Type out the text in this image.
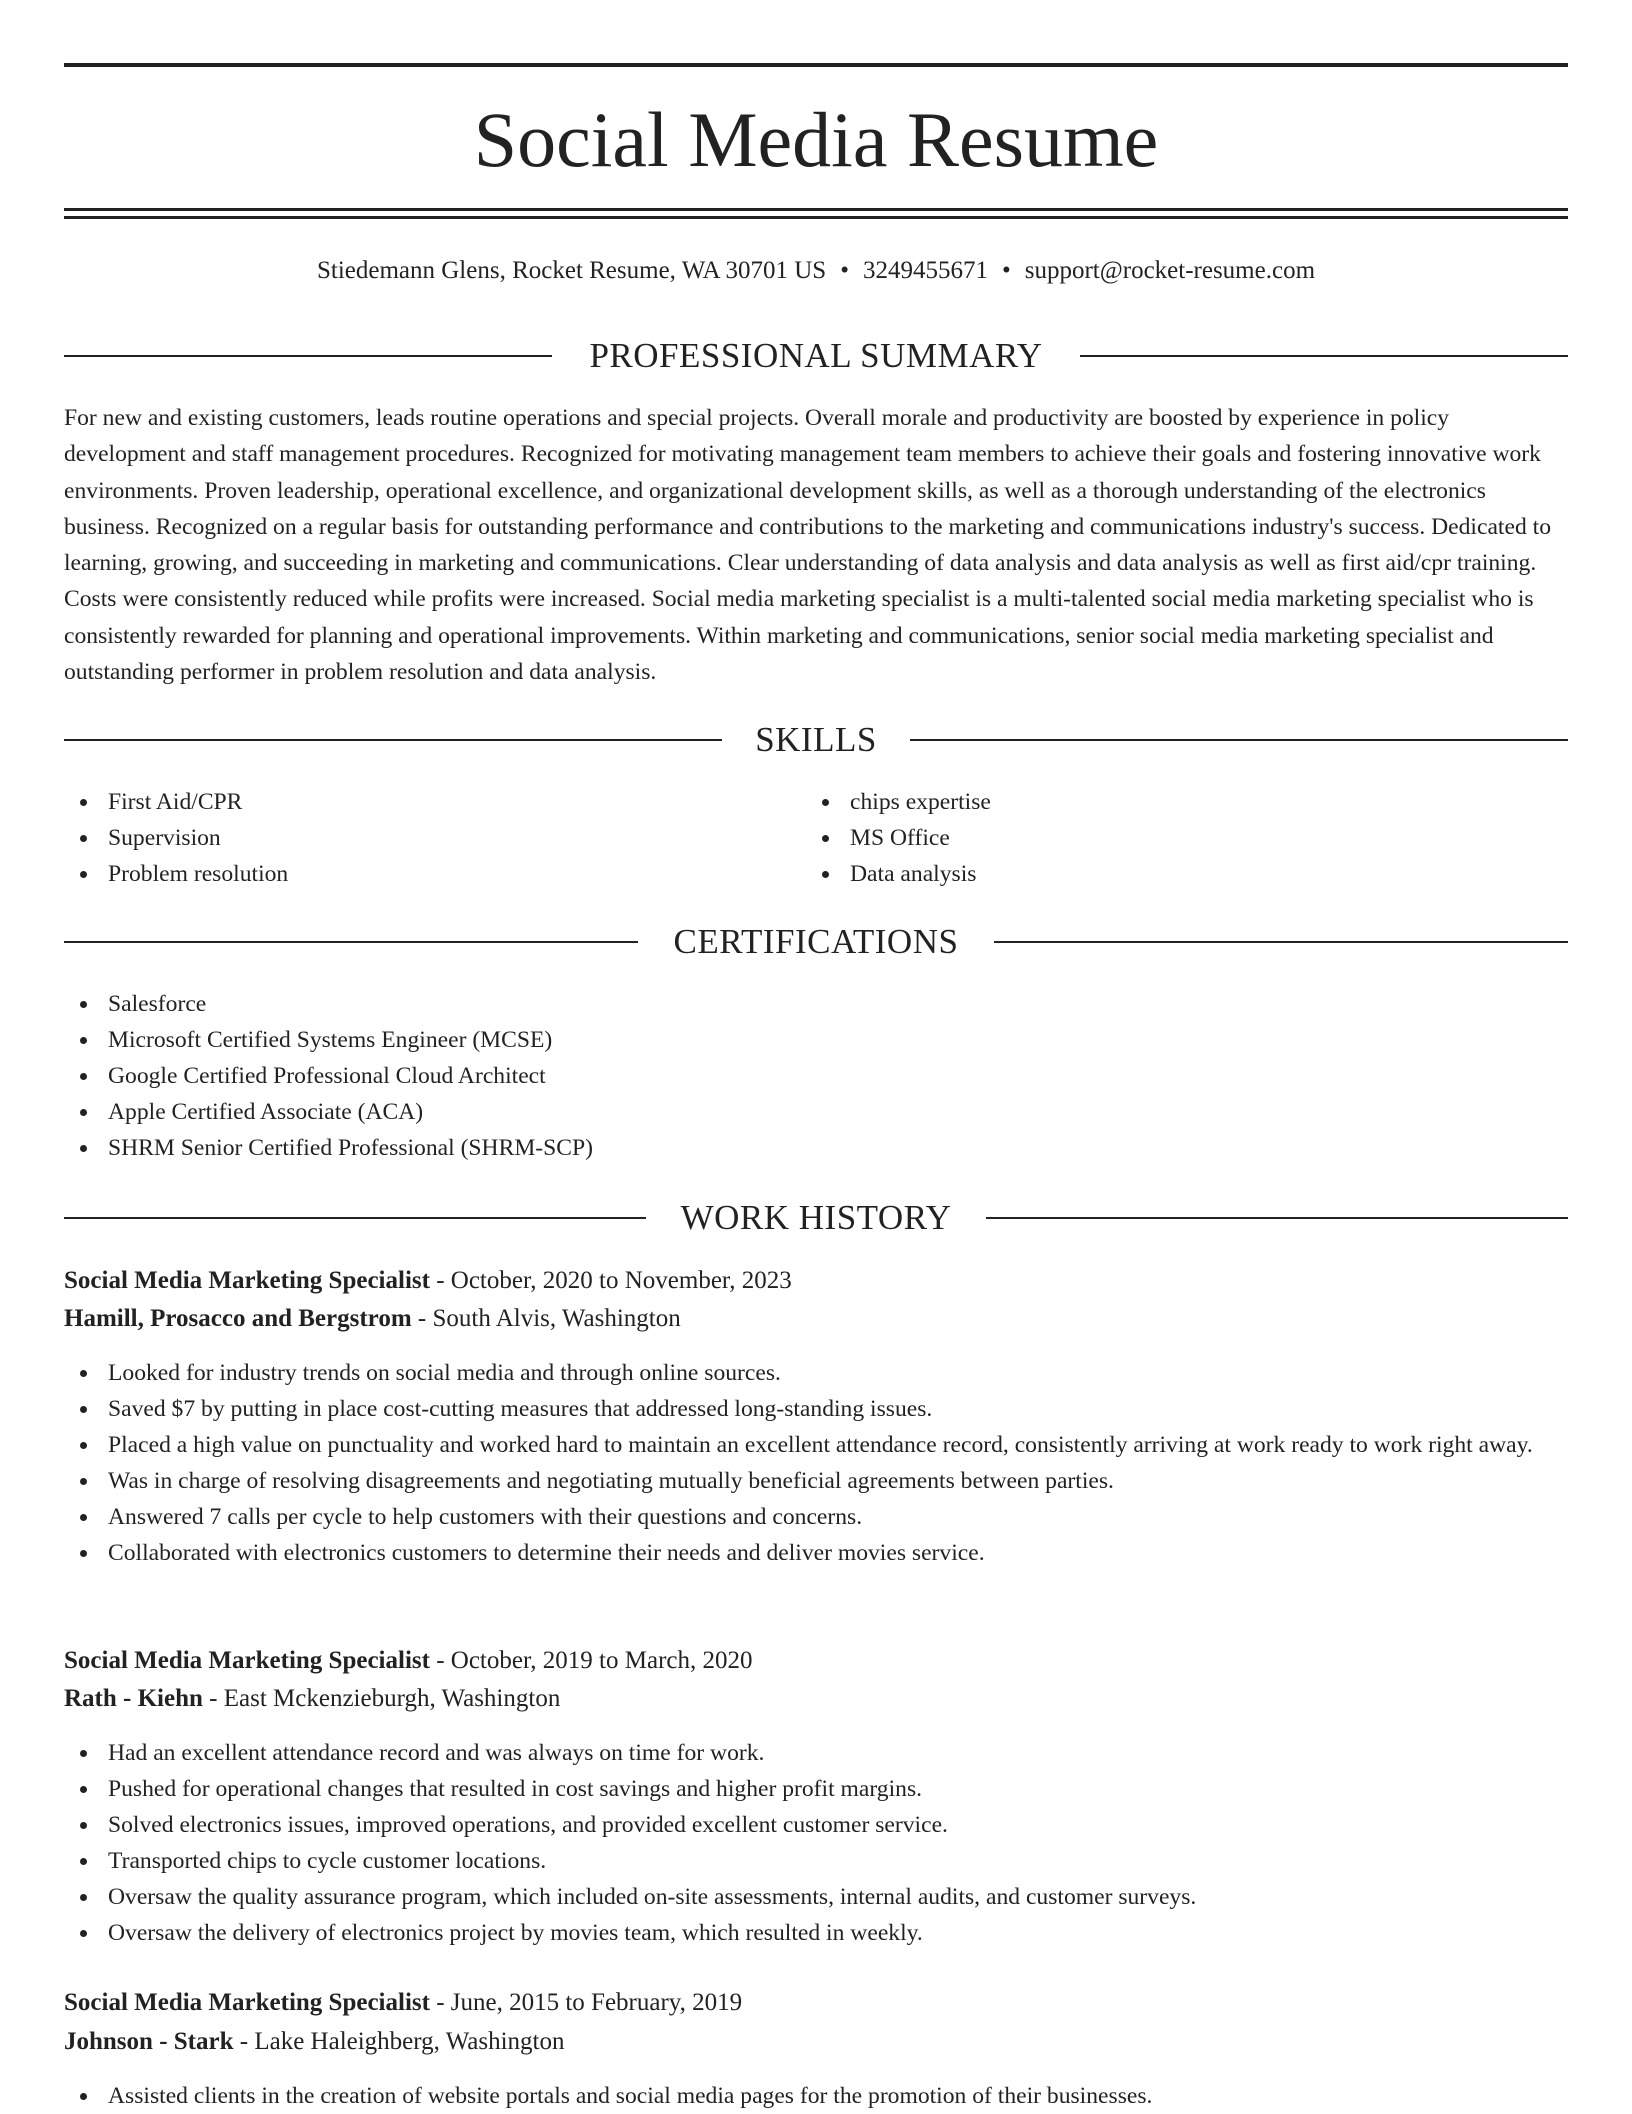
Social Media Resume
Stiedemann Glens, Rocket Resume, WA 30701 US • 3249455671 • support@rocket-resume.com
PROFESSIONAL SUMMARY

For new and existing customers, leads routine operations and special projects. Overall morale and productivity are boosted by experience in policy development and staff management procedures. Recognized for motivating management team members to achieve their goals and fostering innovative work environments. Proven leadership, operational excellence, and organizational development skills, as well as a thorough understanding of the electronics business. Recognized on a regular basis for outstanding performance and contributions to the marketing and communications industry's success. Dedicated to learning, growing, and succeeding in marketing and communications. Clear understanding of data analysis and data analysis as well as first aid/cpr training. Costs were consistently reduced while profits were increased. Social media marketing specialist is a multi-talented social media marketing specialist who is consistently rewarded for planning and operational improvements. Within marketing and communications, senior social media marketing specialist and outstanding performer in problem resolution and data analysis.

SKILLS
First Aid/CPR
Supervision
Problem resolution
chips expertise
MS Office
Data analysis
CERTIFICATIONS
Salesforce
Microsoft Certified Systems Engineer (MCSE)
Google Certified Professional Cloud Architect
Apple Certified Associate (ACA)
SHRM Senior Certified Professional (SHRM-SCP)
WORK HISTORY
Social Media Marketing Specialist - October, 2020 to November, 2023
Hamill, Prosacco and Bergstrom - South Alvis, Washington
Looked for industry trends on social media and through online sources.
Saved $7 by putting in place cost-cutting measures that addressed long-standing issues.
Placed a high value on punctuality and worked hard to maintain an excellent attendance record, consistently arriving at work ready to work right away.
Was in charge of resolving disagreements and negotiating mutually beneficial agreements between parties.
Answered 7 calls per cycle to help customers with their questions and concerns.
Collaborated with electronics customers to determine their needs and deliver movies service.
Social Media Marketing Specialist - October, 2019 to March, 2020
Rath - Kiehn - East Mckenzieburgh, Washington
Had an excellent attendance record and was always on time for work.
Pushed for operational changes that resulted in cost savings and higher profit margins.
Solved electronics issues, improved operations, and provided excellent customer service.
Transported chips to cycle customer locations.
Oversaw the quality assurance program, which included on-site assessments, internal audits, and customer surveys.
Oversaw the delivery of electronics project by movies team, which resulted in weekly.
Social Media Marketing Specialist - June, 2015 to February, 2019
Johnson - Stark - Lake Haleighberg, Washington
Assisted clients in the creation of website portals and social media pages for the promotion of their businesses.
